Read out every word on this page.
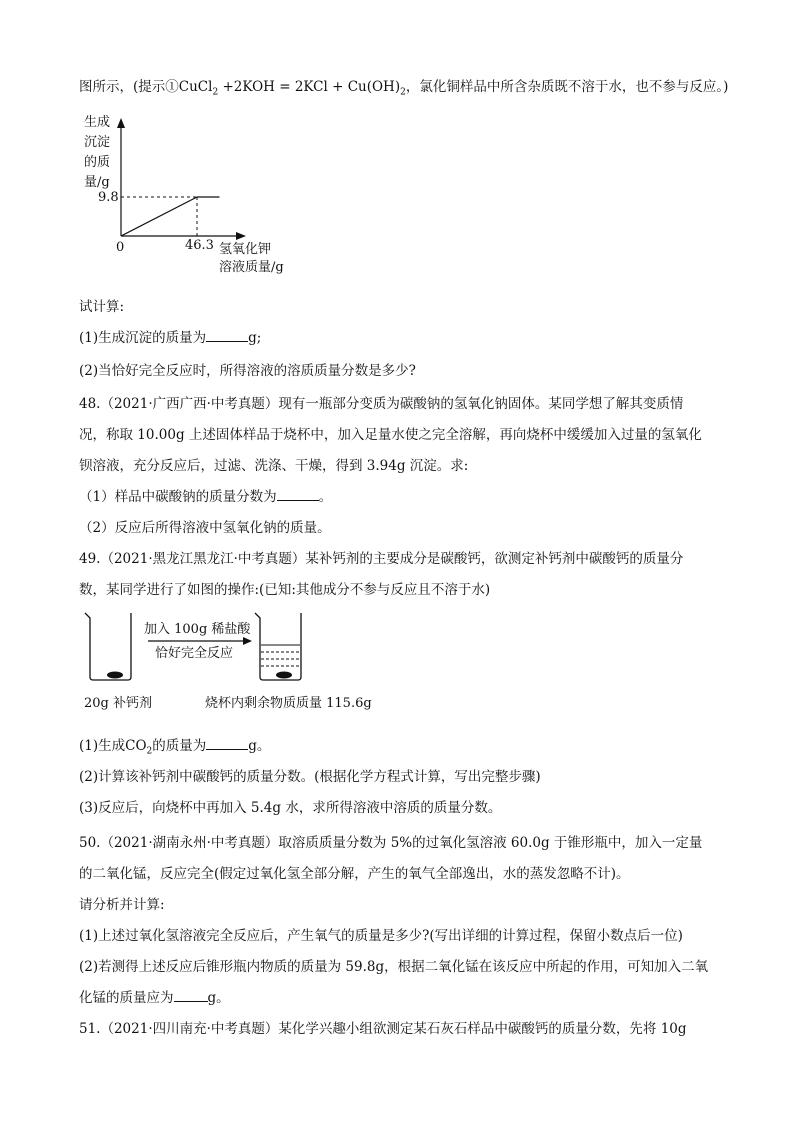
图所示，(提示①CuCl$_2$ $+2KOH = 2KCl + Cu(OH)_2$，氯化铜样品中所含杂质既不溶于水，也不参与反应。)
生成
沉淀
的质
量/g
9.8
0	46.3 氢氧化钾
溶液质量/g
试计算:
(1)生成沉淀的质量为	g;
(2)当恰好完全反应时，所得溶液的溶质质量分数是多少?
48.（2021·广西广西·中考真题）现有一瓶部分变质为碳酸钠的氢氧化钠固体。某同学想了解其变质情
况，称取 10.00g 上述固体样品于烧杯中，加入足量水使之完全溶解，再向烧杯中缓缓加入过量的氢氧化
钡溶液，充分反应后，过滤、洗涤、干燥，得到 3.94g 沉淀。求:
（1）样品中碳酸钠的质量分数为	。
（2）反应后所得溶液中氢氧化钠的质量。
49.（2021·黑龙江黑龙江·中考真题）某补钙剂的主要成分是碳酸钙，欲测定补钙剂中碳酸钙的质量分
数，某同学进行了如图的操作:(已知:其他成分不参与反应且不溶于水)
加入 100g 稀盐酸
恰好完全反应
20g 补钙剂	烧杯内剩余物质质量 115.6g
(1)生成$CO_2$的质量为	g。
(2)计算该补钙剂中碳酸钙的质量分数。(根据化学方程式计算，写出完整步骤)
(3)反应后，向烧杯中再加入 5.4g 水，求所得溶液中溶质的质量分数。
50.（2021·湖南永州·中考真题）取溶质质量分数为 5%的过氧化氢溶液 60.0g 于锥形瓶中，加入一定量
的二氧化锰，反应完全(假定过氧化氢全部分解，产生的氧气全部逸出，水的蒸发忽略不计)。
请分析并计算:
(1)上述过氧化氢溶液完全反应后，产生氧气的质量是多少?(写出详细的计算过程，保留小数点后一位)
(2)若测得上述反应后锥形瓶内物质的质量为 59.8g，根据二氧化锰在该反应中所起的作用，可知加入二氧
化锰的质量应为	g。
51.（2021·四川南充·中考真题）某化学兴趣小组欲测定某石灰石样品中碳酸钙的质量分数，先将 10g
